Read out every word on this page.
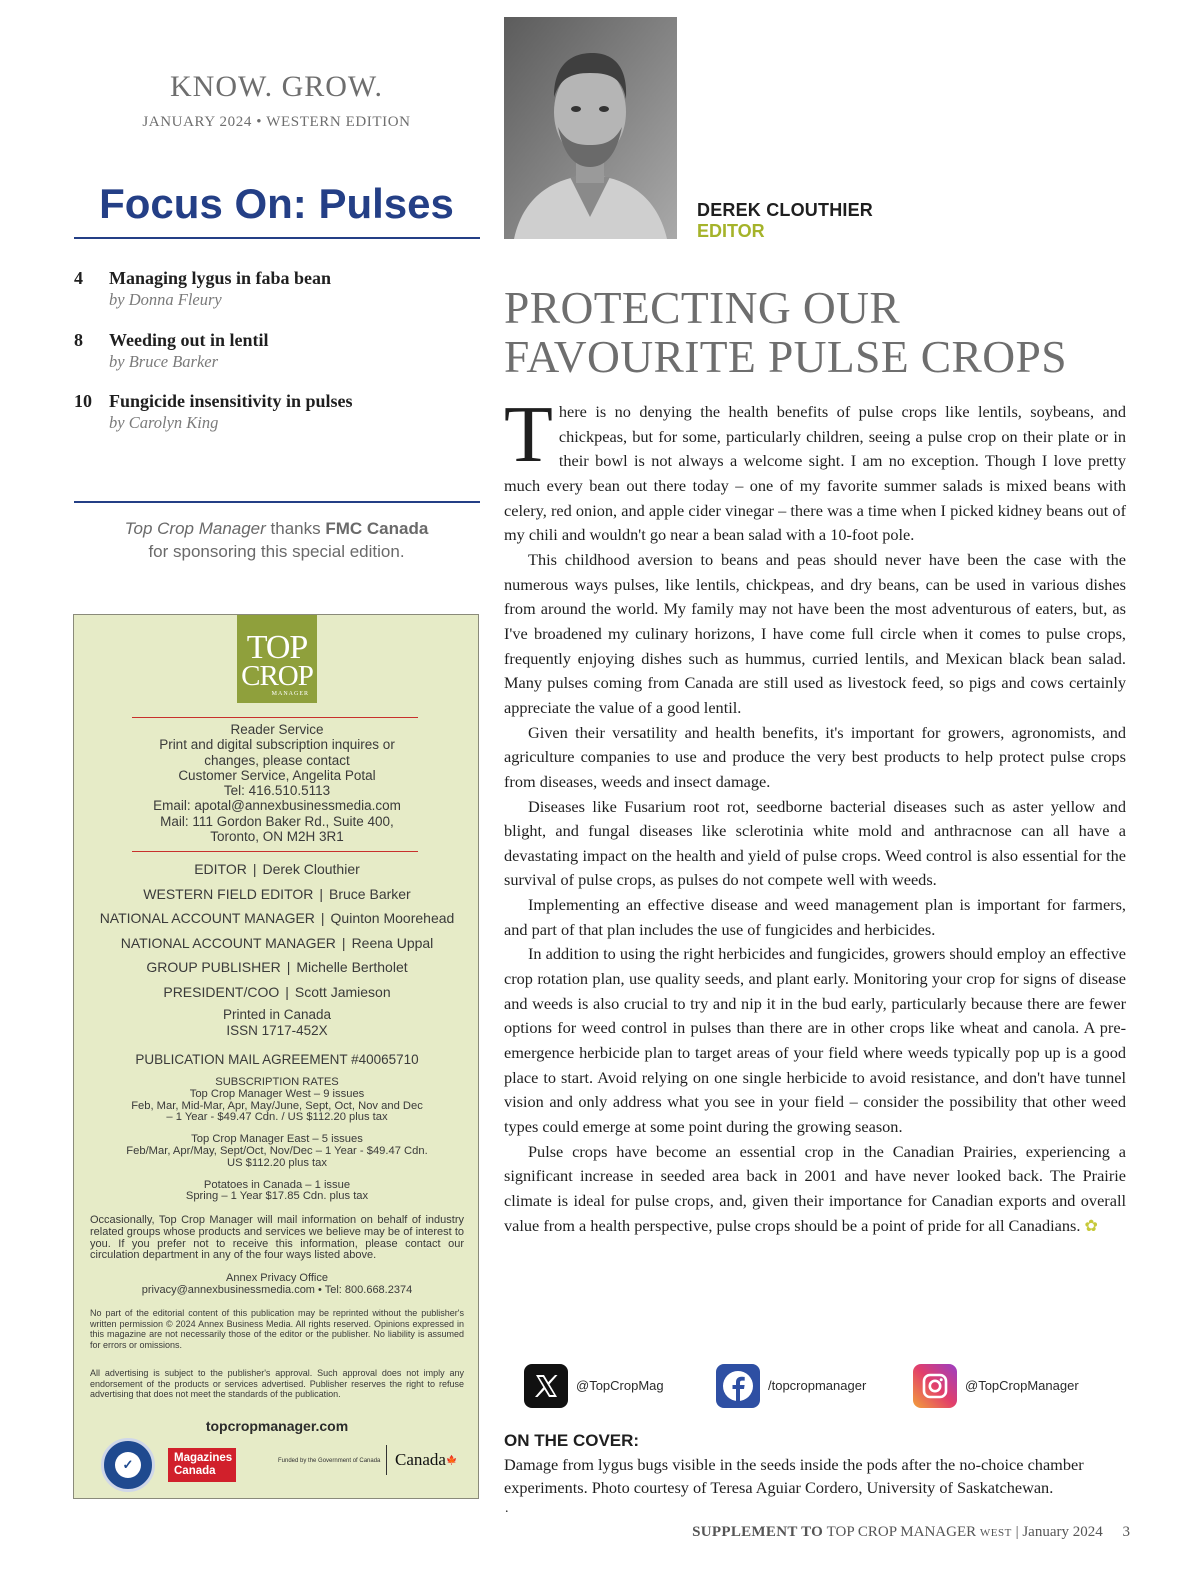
KNOW. GROW.
JANUARY 2024 • WESTERN EDITION
Focus On: Pulses
4 Managing lygus in faba bean
by Donna Fleury
8 Weeding out in lentil
by Bruce Barker
10 Fungicide insensitivity in pulses
by Carolyn King
Top Crop Manager thanks FMC Canada
for sponsoring this special edition.
TOP
CROP
MANAGER
Reader Service
Print and digital subscription inquires or
changes, please contact
Customer Service, Angelita Potal
Tel: 416.510.5113
Email: apotal@annexbusinessmedia.com
Mail: 111 Gordon Baker Rd., Suite 400,
Toronto, ON M2H 3R1
EDITOR | Derek Clouthier
WESTERN FIELD EDITOR | Bruce Barker
NATIONAL ACCOUNT MANAGER | Quinton Moorehead
NATIONAL ACCOUNT MANAGER | Reena Uppal
GROUP PUBLISHER | Michelle Bertholet
PRESIDENT/COO | Scott Jamieson
Printed in Canada
ISSN 1717-452X
PUBLICATION MAIL AGREEMENT #40065710
SUBSCRIPTION RATES
Top Crop Manager West – 9 issues
Feb, Mar, Mid-Mar, Apr, May/June, Sept, Oct, Nov and Dec
– 1 Year - $49.47 Cdn. / US $112.20 plus tax
Top Crop Manager East – 5 issues
Feb/Mar, Apr/May, Sept/Oct, Nov/Dec – 1 Year - $49.47 Cdn.
US $112.20 plus tax
Potatoes in Canada – 1 issue
Spring – 1 Year $17.85 Cdn. plus tax
Occasionally, Top Crop Manager will mail information on behalf of industry related groups whose products and services we believe may be of interest to you. If you prefer not to receive this information, please contact our circulation department in any of the four ways listed above.
Annex Privacy Office
privacy@annexbusinessmedia.com • Tel: 800.668.2374
No part of the editorial content of this publication may be reprinted without the publisher's written permission © 2024 Annex Business Media. All rights reserved. Opinions expressed in this magazine are not necessarily those of the editor or the publisher. No liability is assumed for errors or omissions.
All advertising is subject to the publisher's approval. Such approval does not imply any endorsement of the products or services advertised. Publisher reserves the right to refuse advertising that does not meet the standards of the publication.
topcropmanager.com
✓	Magazines
Canada
Funded by the Government of Canada Canada🍁
DEREK CLOUTHIER
EDITOR
PROTECTING OUR
FAVOURITE PULSE CROPS

There is no denying the health benefits of pulse crops like lentils, soybeans, and chickpeas, but for some, particularly children, seeing a pulse crop on their plate or in their bowl is not always a welcome sight. I am no exception. Though I love pretty much every bean out there today – one of my favorite summer salads is mixed beans with celery, red onion, and apple cider vinegar – there was a time when I picked kidney beans out of my chili and wouldn't go near a bean salad with a 10-foot pole.

This childhood aversion to beans and peas should never have been the case with the numerous ways pulses, like lentils, chickpeas, and dry beans, can be used in various dishes from around the world. My family may not have been the most adventurous of eaters, but, as I've broadened my culinary horizons, I have come full circle when it comes to pulse crops, frequently enjoying dishes such as hummus, curried lentils, and Mexican black bean salad. Many pulses coming from Canada are still used as livestock feed, so pigs and cows certainly appreciate the value of a good lentil.

Given their versatility and health benefits, it's important for growers, agronomists, and agriculture companies to use and produce the very best products to help protect pulse crops from diseases, weeds and insect damage.

Diseases like Fusarium root rot, seedborne bacterial diseases such as aster yellow and blight, and fungal diseases like sclerotinia white mold and anthracnose can all have a devastating impact on the health and yield of pulse crops. Weed control is also essential for the survival of pulse crops, as pulses do not compete well with weeds.

Implementing an effective disease and weed management plan is important for farmers, and part of that plan includes the use of fungicides and herbicides.

In addition to using the right herbicides and fungicides, growers should employ an effective crop rotation plan, use quality seeds, and plant early. Monitoring your crop for signs of disease and weeds is also crucial to try and nip it in the bud early, particularly because there are fewer options for weed control in pulses than there are in other crops like wheat and canola. A pre-emergence herbicide plan to target areas of your field where weeds typically pop up is a good place to start. Avoid relying on one single herbicide to avoid resistance, and don't have tunnel vision and only address what you see in your field – consider the possibility that other weed types could emerge at some point during the growing season.

Pulse crops have become an essential crop in the Canadian Prairies, experiencing a significant increase in seeded area back in 2001 and have never looked back. The Prairie climate is ideal for pulse crops, and, given their importance for Canadian exports and overall value from a health perspective, pulse crops should be a point of pride for all Canadians. ✿

@TopCropMag	/topcropmanager	@TopCropManager
ON THE COVER:
Damage from lygus bugs visible in the seeds inside the pods after the no-choice chamber experiments. Photo courtesy of Teresa Aguiar Cordero, University of Saskatchewan.
.
SUPPLEMENT TO TOP CROP MANAGER WEST | January 2024 3
